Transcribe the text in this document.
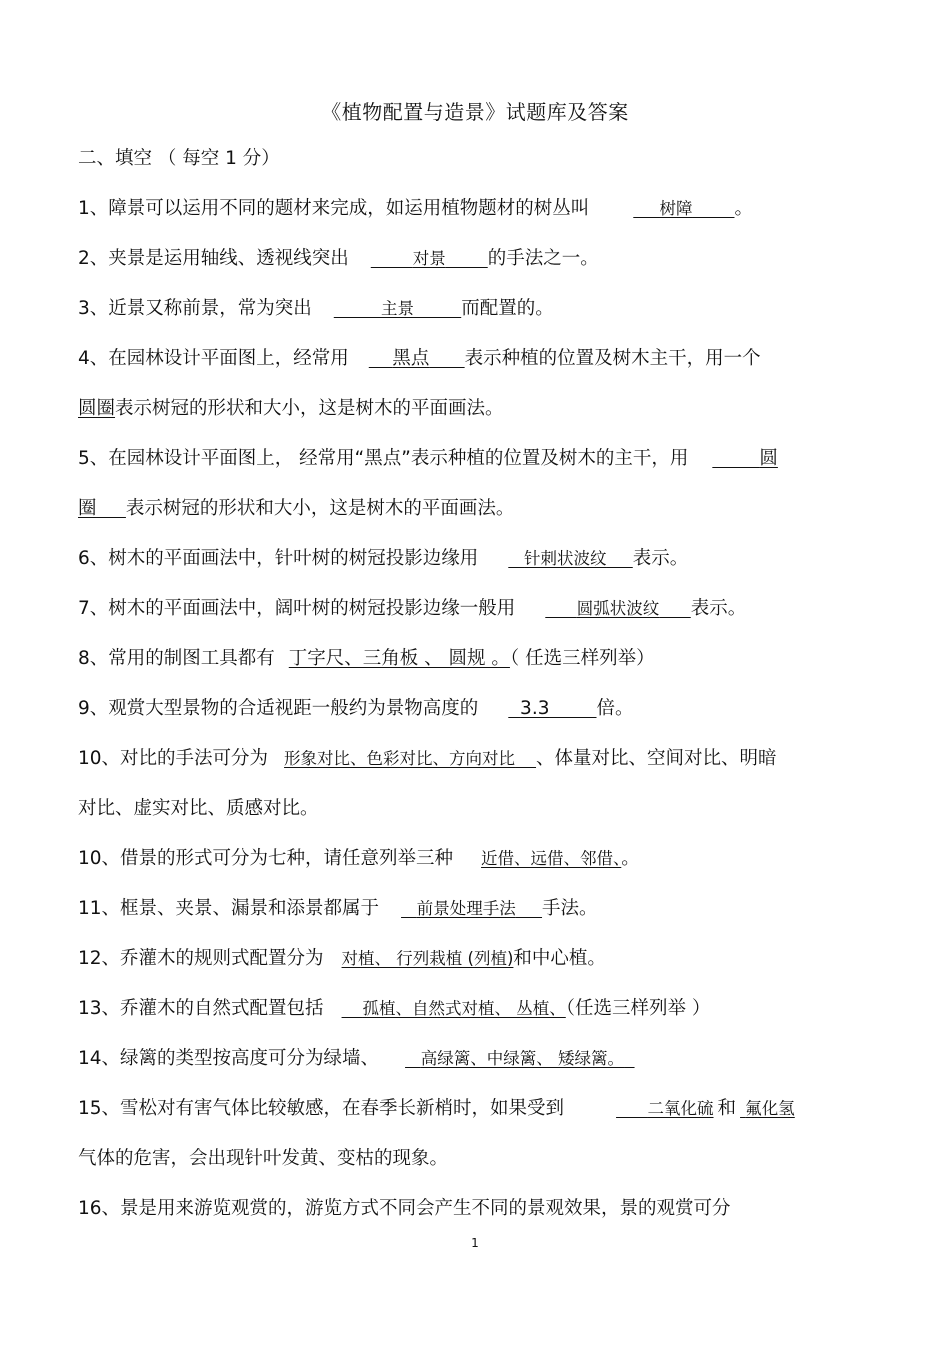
《植物配置与造景》试题库及答案
二、填空 （ 每空 1 分）
1、障景可以运用不同的题材来完成，如运用植物题材的树丛叫	树障 。
2、夹景是运用轴线、透视线突出	对景 的手法之一。
3、近景又称前景，常为突出	主景	而配置的。
4、在园林设计平面图上，经常用 黑点 表示种植的位置及树木主干，用一个
圆圈表示树冠的形状和大小，这是树木的平面画法。
5、在园林设计平面图上， 经常用“黑点”表示种植的位置及树木的主干，用	圆
圈 表示树冠的形状和大小，这是树木的平面画法。
6、树木的平面画法中，针叶树的树冠投影边缘用	针刺状波纹 表示。
7、树木的平面画法中，阔叶树的树冠投影边缘一般用	圆弧状波纹 表示。
8、常用的制图工具都有 丁字尺、三角板 、 圆规 。（ 任选三样列举）
9、观赏大型景物的合适视距一般约为景物高度的 3.3	倍。
10、对比的手法可分为 形象对比、色彩对比、方向对比 、体量对比、空间对比、明暗
对比、虚实对比、质感对比。
10、借景的形式可分为七种，请任意列举三种 近借、远借、邻借、。
11、框景、夹景、漏景和添景都属于 前景处理手法 手法。
12、乔灌木的规则式配置分为 对植、 行列栽植 (列植)和中心植。
13、乔灌木的自然式配置包括 孤植、自然式对植、 丛植、（任选三样列举 ）
14、绿篱的类型按高度可分为绿墙、	高绿篱、中绿篱、 矮绿篱。
15、雪松对有害气体比较敏感，在春季长新梢时，如果受到	二氧化硫 和 氟化氢
气体的危害，会出现针叶发黄、变枯的现象。
16、景是用来游览观赏的，游览方式不同会产生不同的景观效果，景的观赏可分
1
